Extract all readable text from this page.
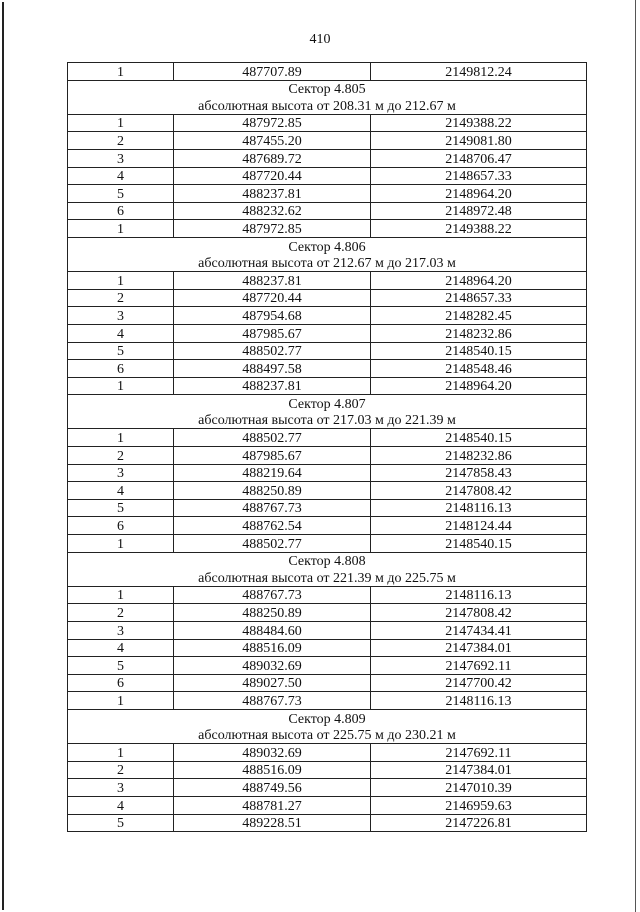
410
1	487707.89	2149812.24
Сектор 4.805		
абсолютная высота от 208.31 м до 212.67 м		
1	487972.85	2149388.22
2	487455.20	2149081.80
3	487689.72	2148706.47
4	487720.44	2148657.33
5	488237.81	2148964.20
6	488232.62	2148972.48
1	487972.85	2149388.22
Сектор 4.806		
абсолютная высота от 212.67 м до 217.03 м		
1	488237.81	2148964.20
2	487720.44	2148657.33
3	487954.68	2148282.45
4	487985.67	2148232.86
5	488502.77	2148540.15
6	488497.58	2148548.46
1	488237.81	2148964.20
Сектор 4.807		
абсолютная высота от 217.03 м до 221.39 м		
1	488502.77	2148540.15
2	487985.67	2148232.86
3	488219.64	2147858.43
4	488250.89	2147808.42
5	488767.73	2148116.13
6	488762.54	2148124.44
1	488502.77	2148540.15
Сектор 4.808		
абсолютная высота от 221.39 м до 225.75 м		
1	488767.73	2148116.13
2	488250.89	2147808.42
3	488484.60	2147434.41
4	488516.09	2147384.01
5	489032.69	2147692.11
6	489027.50	2147700.42
1	488767.73	2148116.13
Сектор 4.809		
абсолютная высота от 225.75 м до 230.21 м		
1	489032.69	2147692.11
2	488516.09	2147384.01
3	488749.56	2147010.39
4	488781.27	2146959.63
5	489228.51	2147226.81
